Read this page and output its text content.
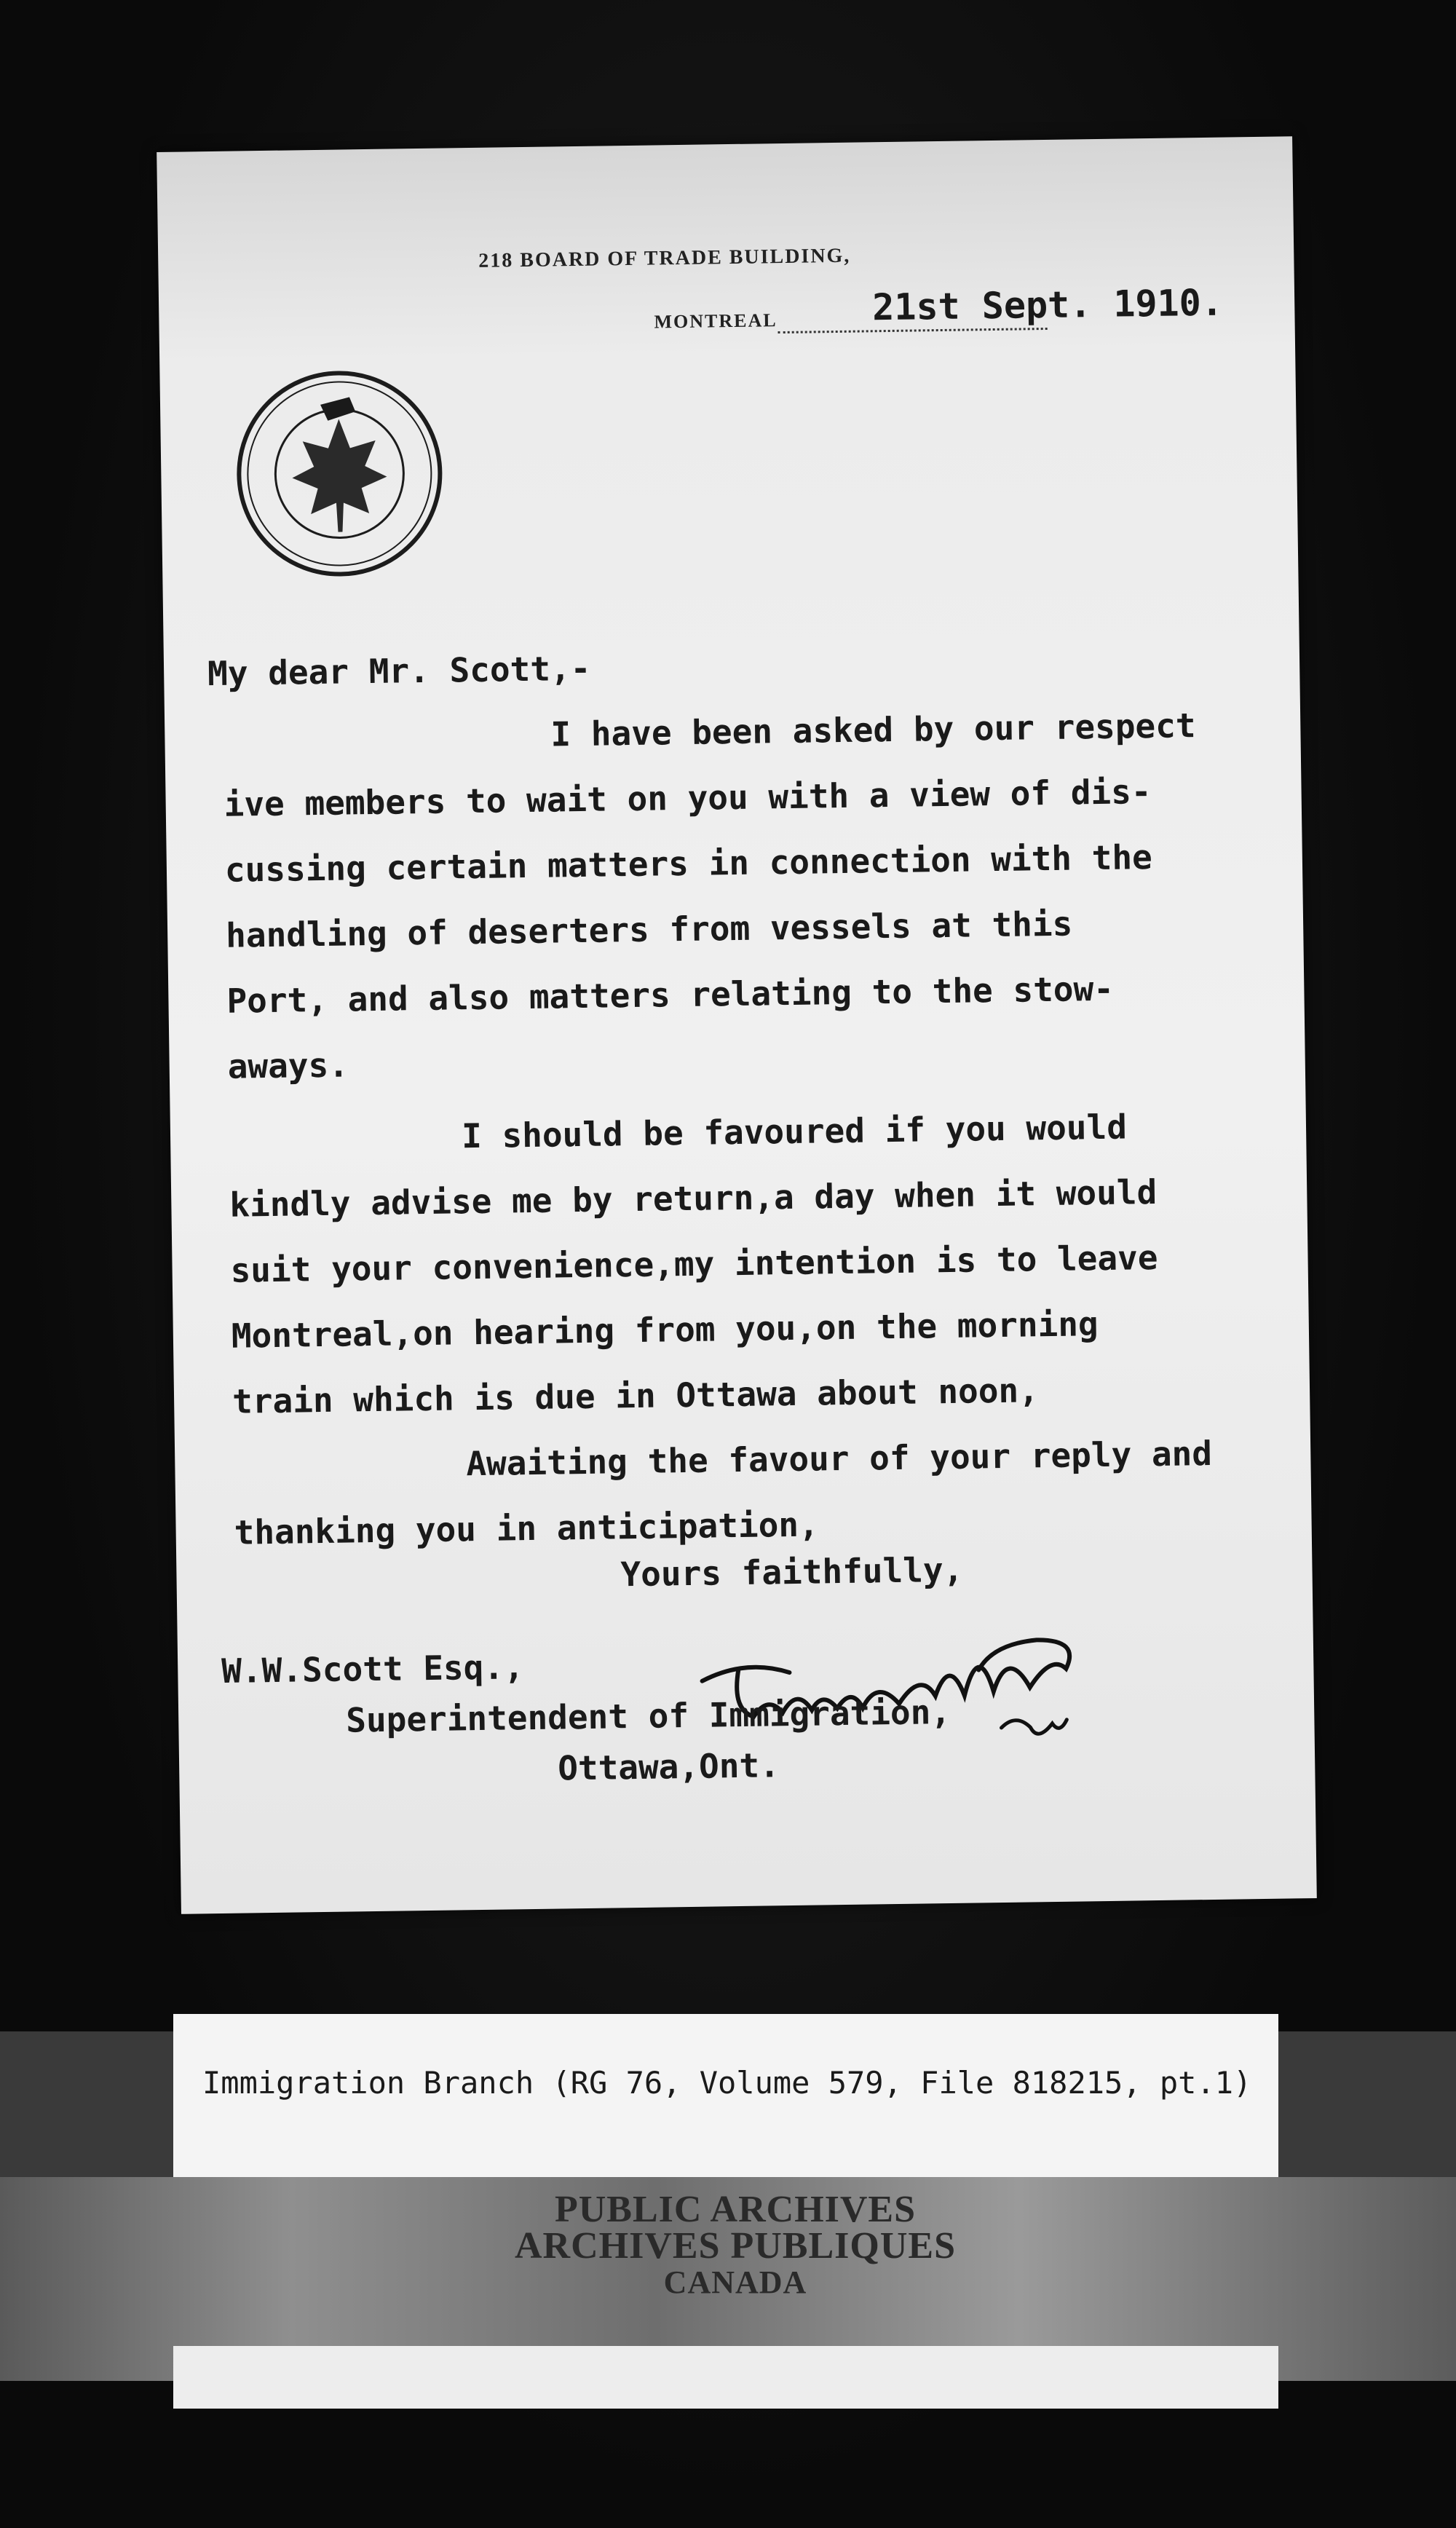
218 BOARD OF TRADE BUILDING,
MONTREAL	21st Sept. 1910.
My dear Mr. Scott,-
I have been asked by our respect
ive members to wait on you with a view of dis-
cussing certain matters in connection with the
handling of deserters from vessels at this
Port, and also matters relating to the stow-
aways.
I should be favoured if you would
kindly advise me by return,a day when it would
suit your convenience,my intention is to leave
Montreal,on hearing from you,on the morning
train which is due in Ottawa about noon,
Awaiting the favour of your reply and
thanking you in anticipation,
Yours faithfully,
W.W.Scott Esq.,
Superintendent of Immigration,
Ottawa,Ont.
Immigration Branch (RG 76, Volume 579, File 818215, pt.1)
PUBLIC ARCHIVES
ARCHIVES PUBLIQUES
CANADA
